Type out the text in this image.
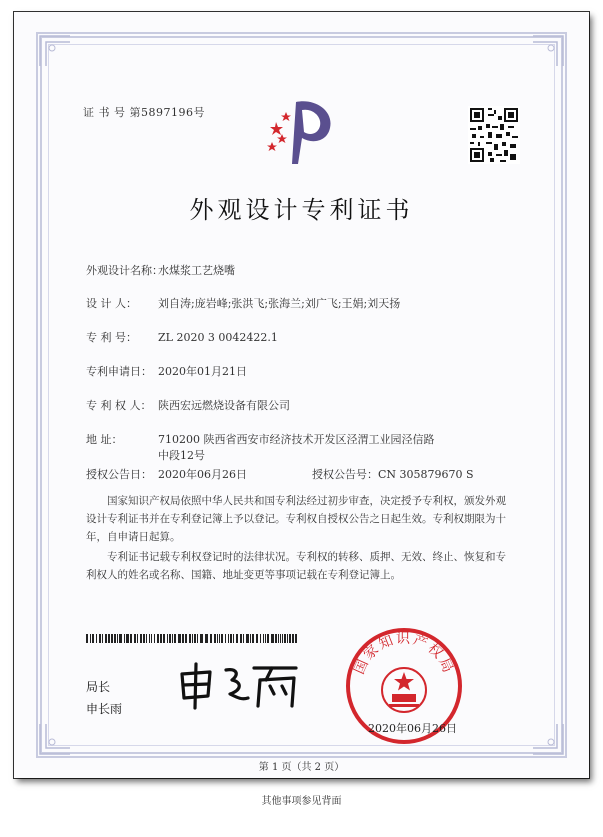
证 书 号 第5897196号
外观设计专利证书
外观设计名称：水煤浆工艺烧嘴
设 计 人： 刘自涛;庞岩峰;张洪飞;张海兰;刘广飞;王娟;刘天扬
专 利 号： ZL 2020 3 0042422.1
专利申请日： 2020年01月21日
专 利 权 人： 陕西宏远燃烧设备有限公司
地 址：	710200 陕西省西安市经济技术开发区泾渭工业园泾信路
中段12号
授权公告日： 2020年06月26日	授权公告号：CN 305879670 S
国家知识产权局依照中华人民共和国专利法经过初步审查，决定授予专利权，颁发外观设计专利证书并在专利登记簿上予以登记。专利权自授权公告之日起生效。专利权期限为十年，自申请日起算。
专利证书记载专利权登记时的法律状况。专利权的转移、质押、无效、终止、恢复和专利权人的姓名或名称、国籍、地址变更等事项记载在专利登记簿上。
局长
申长雨
国家知识产权局
2020年06月26日
第 1 页（共 2 页）
其他事项参见背面
